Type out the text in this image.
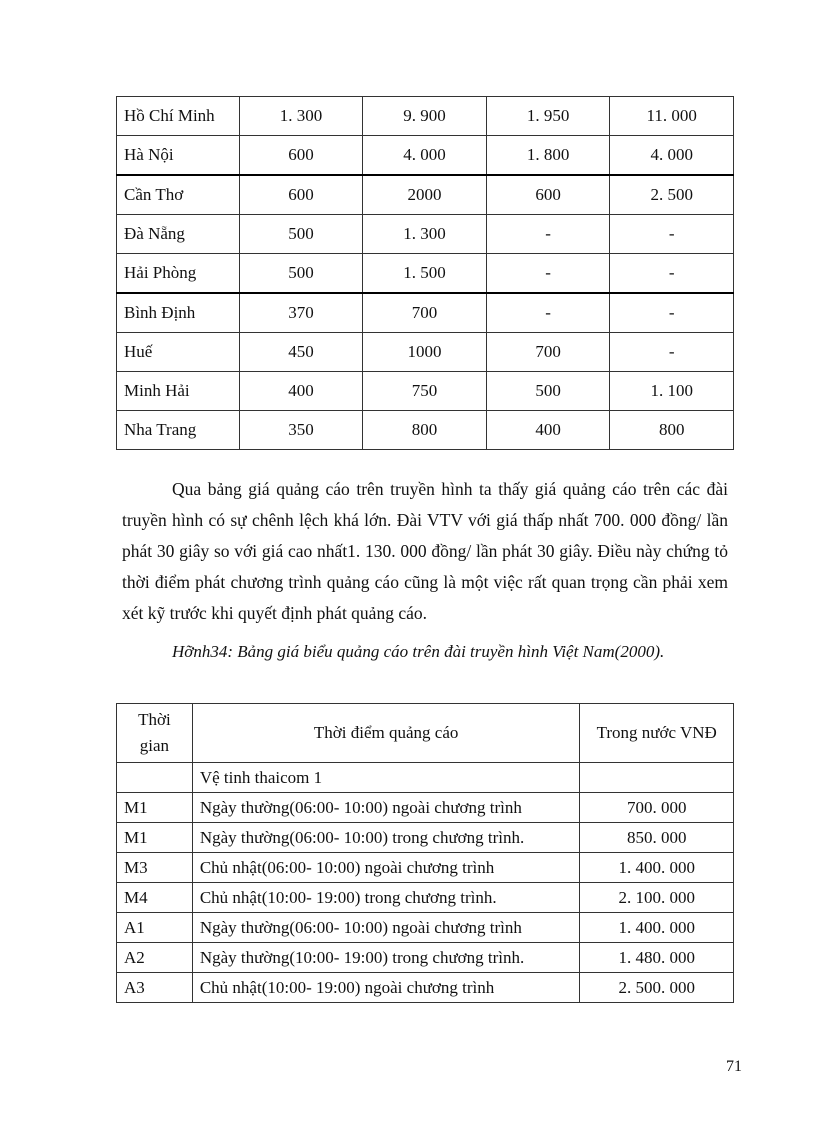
Hồ Chí Minh	1. 300	9. 900	1. 950	11. 000
Hà Nội	600	4. 000	1. 800	4. 000
Cần Thơ	600	2000	600	2. 500
Đà Nẵng	500	1. 300	-	-
Hải Phòng	500	1. 500	-	-
Bình Định	370	700	-	-
Huế	450	1000	700	-
Minh Hải	400	750	500	1. 100
Nha Trang	350	800	400	800

Qua bảng giá quảng cáo trên truyền hình ta thấy giá quảng cáo trên các đài truyền hình có sự chênh lệch khá lớn. Đài VTV với giá thấp nhất 700. 000 đồng/ lần phát 30 giây so với giá cao nhất1. 130. 000 đồng/ lần phát 30 giây. Điều này chứng tỏ thời điểm phát chương trình quảng cáo cũng là một việc rất quan trọng cần phải xem xét kỹ trước khi quyết định phát quảng cáo.

Hỡnh34: Bảng giá biểu quảng cáo trên đài truyền hình Việt Nam(2000).

Thời gian	Thời điểm quảng cáo	Trong nước VNĐ
	Vệ tinh thaicom 1	
M1	Ngày thường(06:00- 10:00) ngoài chương trình	700. 000
M1	Ngày thường(06:00- 10:00) trong chương trình.	850. 000
M3	Chủ nhật(06:00- 10:00) ngoài chương trình	1. 400. 000
M4	Chủ nhật(10:00- 19:00) trong chương trình.	2. 100. 000
A1	Ngày thường(06:00- 10:00) ngoài chương trình	1. 400. 000
A2	Ngày thường(10:00- 19:00) trong chương trình.	1. 480. 000
A3	Chủ nhật(10:00- 19:00) ngoài chương trình	2. 500. 000
71
